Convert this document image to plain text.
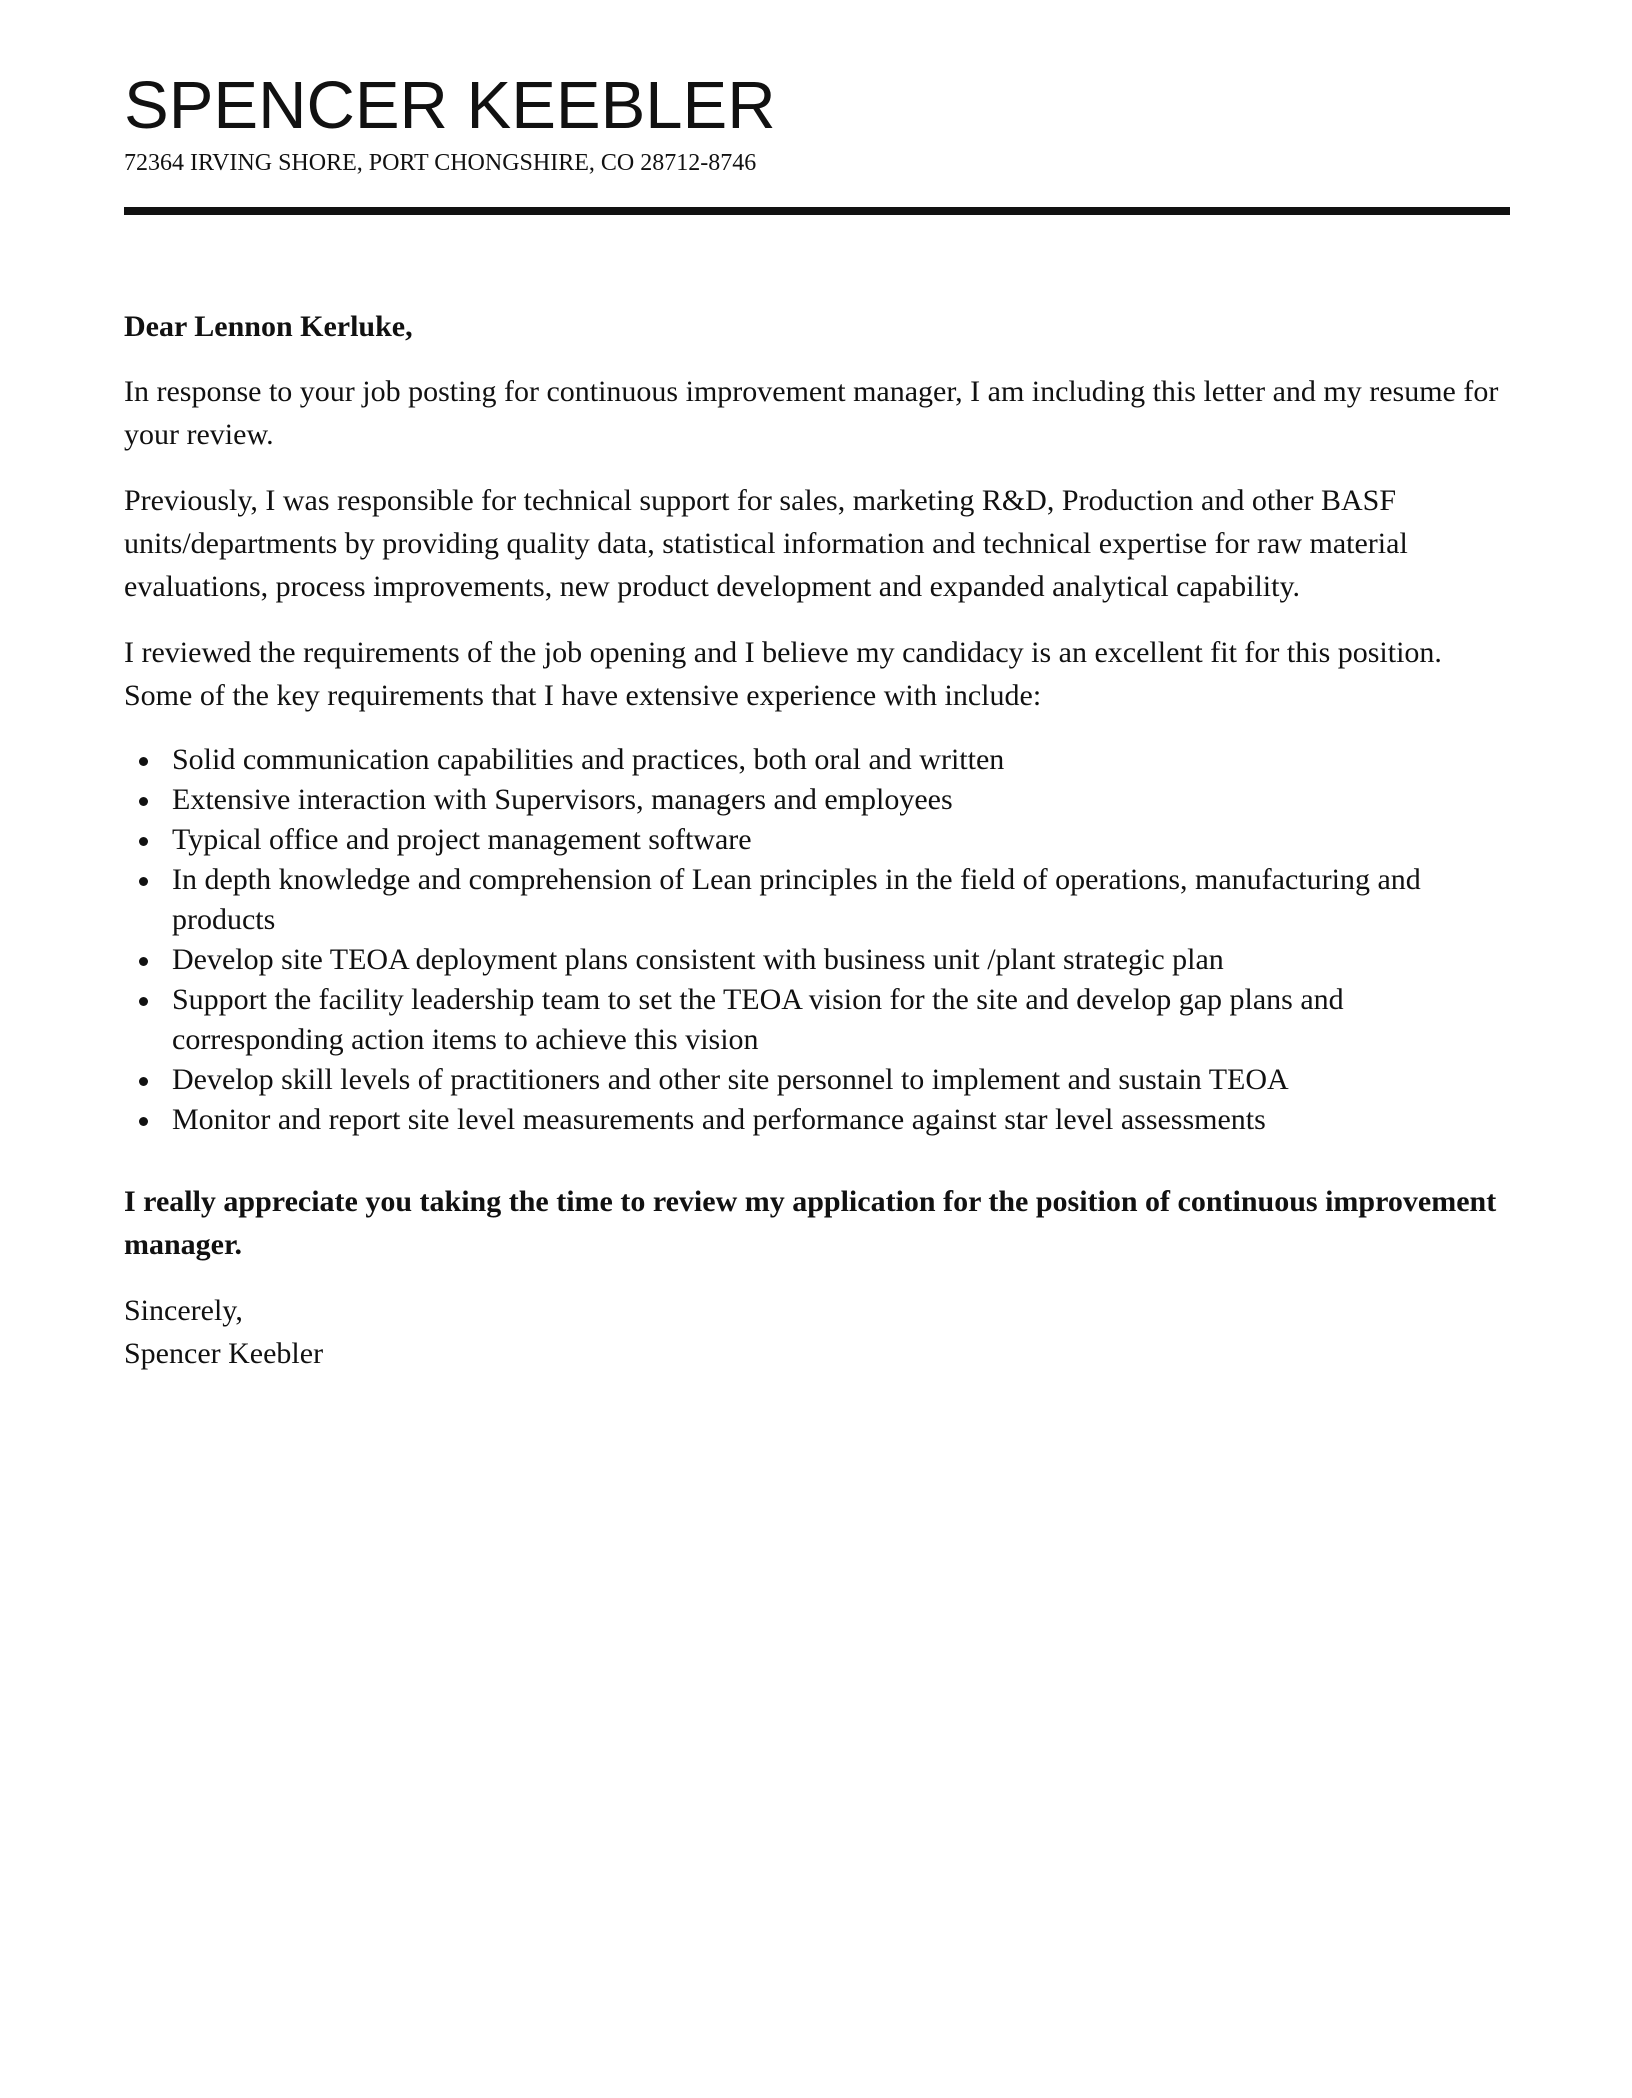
SPENCER KEEBLER
72364 IRVING SHORE, PORT CHONGSHIRE, CO 28712-8746

Dear Lennon Kerluke,

In response to your job posting for continuous improvement manager, I am including this letter and my resume for your review.

Previously, I was responsible for technical support for sales, marketing R&D, Production and other BASF units/departments by providing quality data, statistical information and technical expertise for raw material evaluations, process improvements, new product development and expanded analytical capability.

I reviewed the requirements of the job opening and I believe my candidacy is an excellent fit for this position. Some of the key requirements that I have extensive experience with include:

Solid communication capabilities and practices, both oral and written
Extensive interaction with Supervisors, managers and employees
Typical office and project management software
In depth knowledge and comprehension of Lean principles in the field of operations, manufacturing and products
Develop site TEOA deployment plans consistent with business unit /plant strategic plan
Support the facility leadership team to set the TEOA vision for the site and develop gap plans and corresponding action items to achieve this vision
Develop skill levels of practitioners and other site personnel to implement and sustain TEOA
Monitor and report site level measurements and performance against star level assessments

I really appreciate you taking the time to review my application for the position of continuous improvement manager.

Sincerely,

Spencer Keebler
